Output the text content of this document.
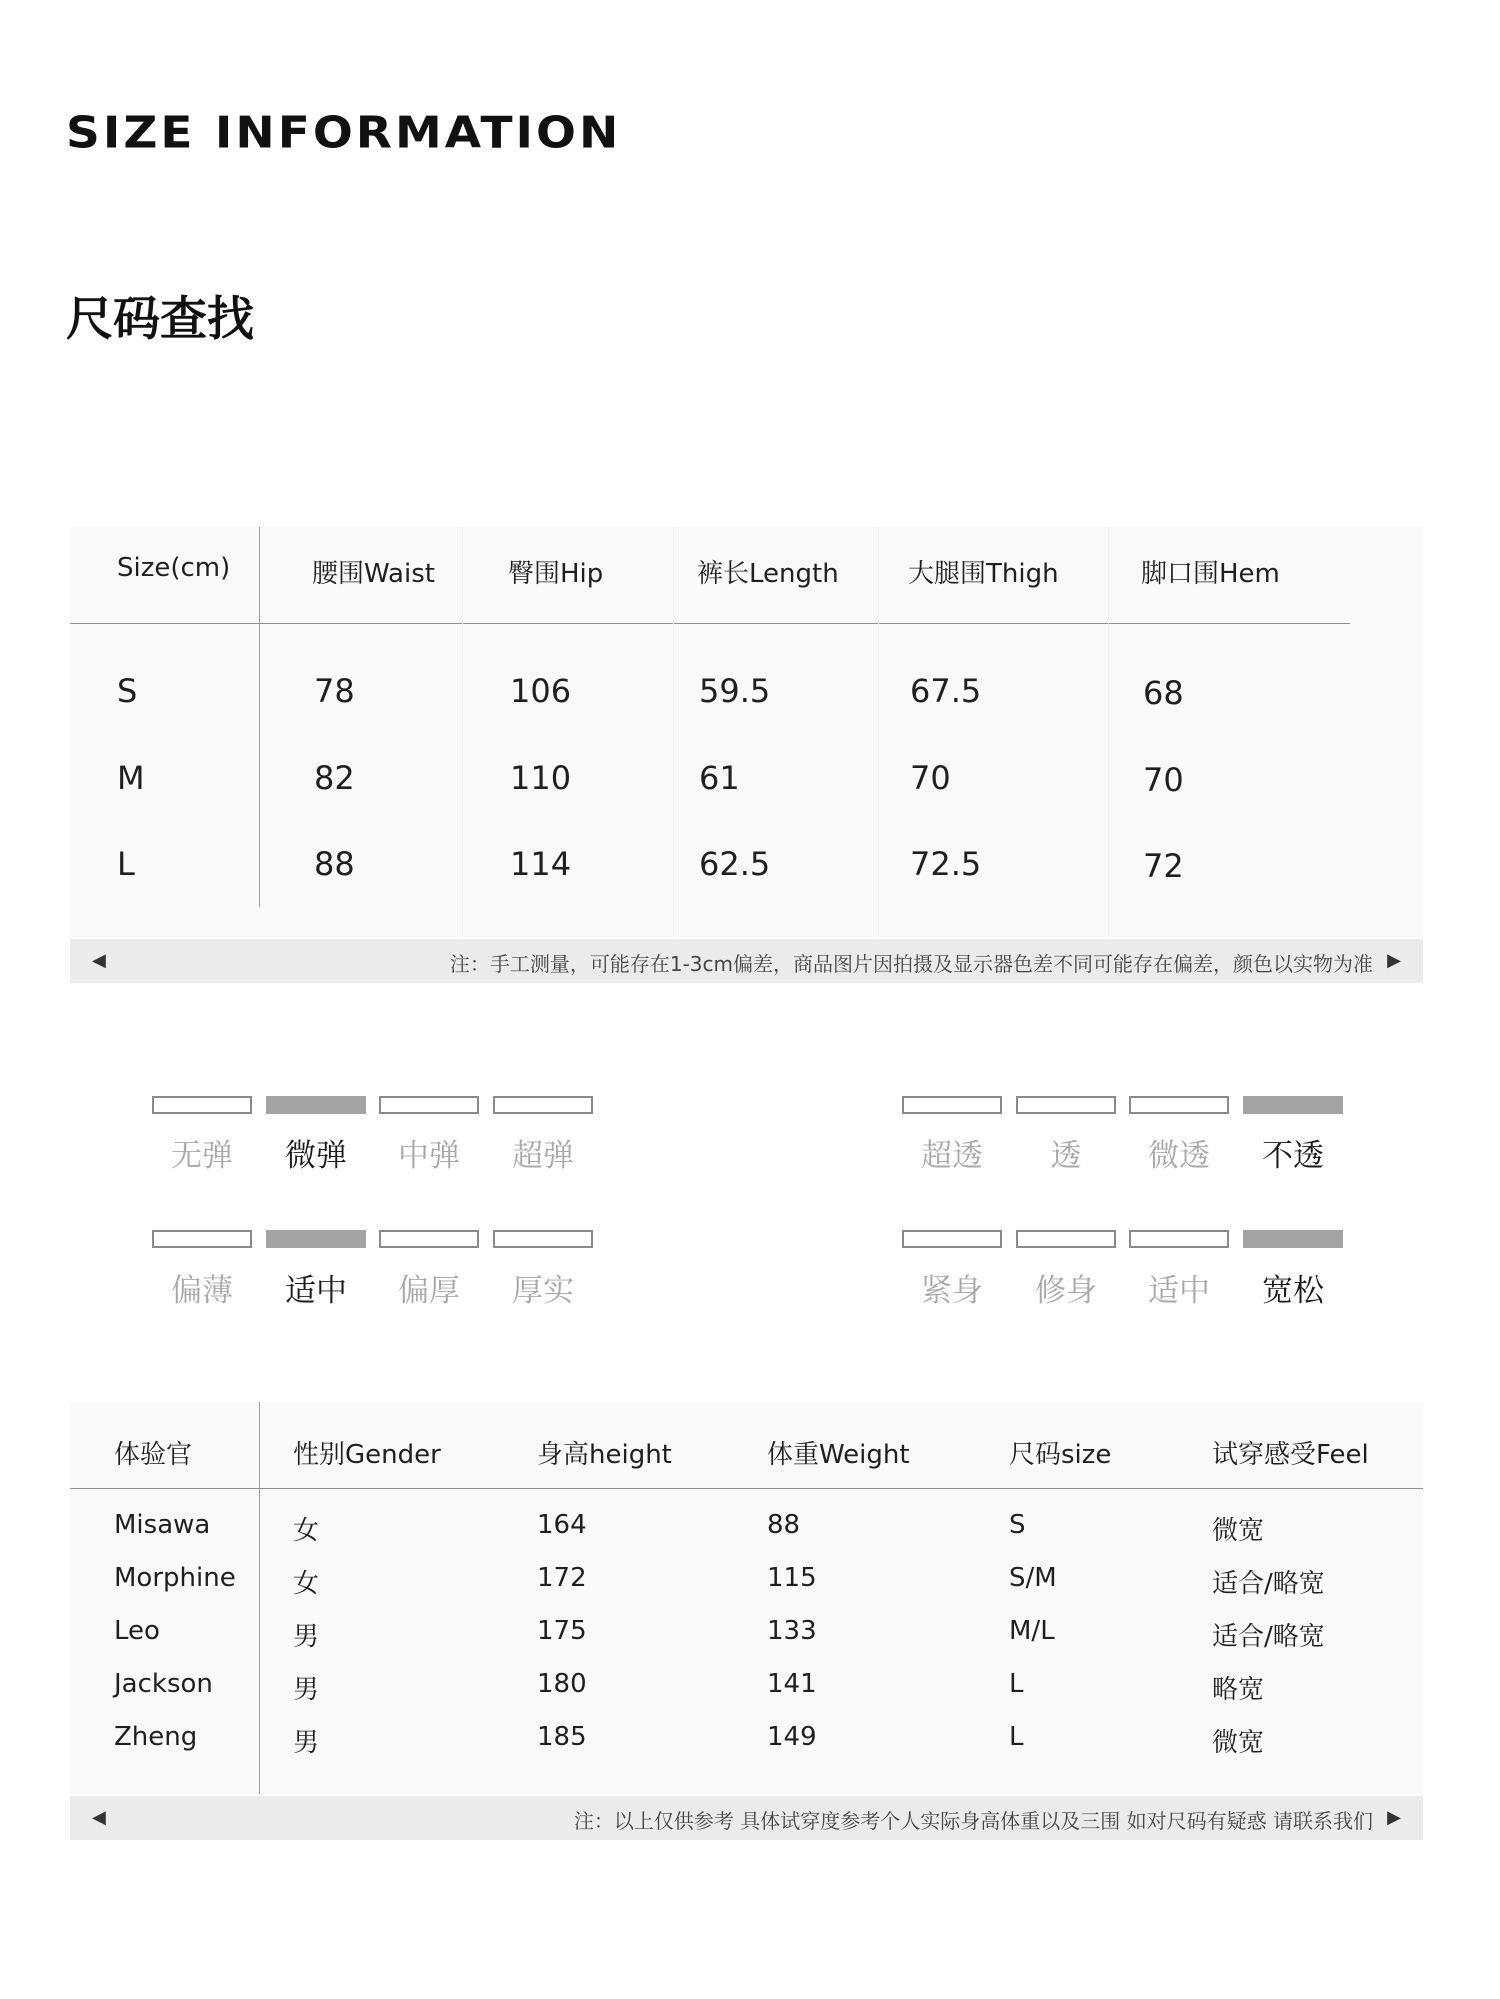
SIZE INFORMATION
尺码查找
Size(cm)	腰围Waist	臀围Hip	裤长Length	大腿围Thigh	脚口围Hem
S	78	106	59.5	67.5	68
M	82	110	61	70	70
L	88	114	62.5	72.5	72
◀	注：手工测量，可能存在1-3cm偏差，商品图片因拍摄及显示器色差不同可能存在偏差，颜色以实物为准 ▶
无弹	微弹	中弹	超弹	超透	透	微透	不透
偏薄	适中	偏厚	厚实	紧身	修身	适中	宽松
体验官	性别Gender	身高height	体重Weight	尺码size	试穿感受Feel
Misawa	女	164	88	S	微宽
Morphine 女	172	115	S/M	适合/略宽
Leo	男	175	133	M/L	适合/略宽
Jackson	男	180	141	L	略宽
Zheng	男	185	149	L	微宽
◀	注：以上仅供参考 具体试穿度参考个人实际身高体重以及三围 如对尺码有疑惑 请联系我们 ▶
